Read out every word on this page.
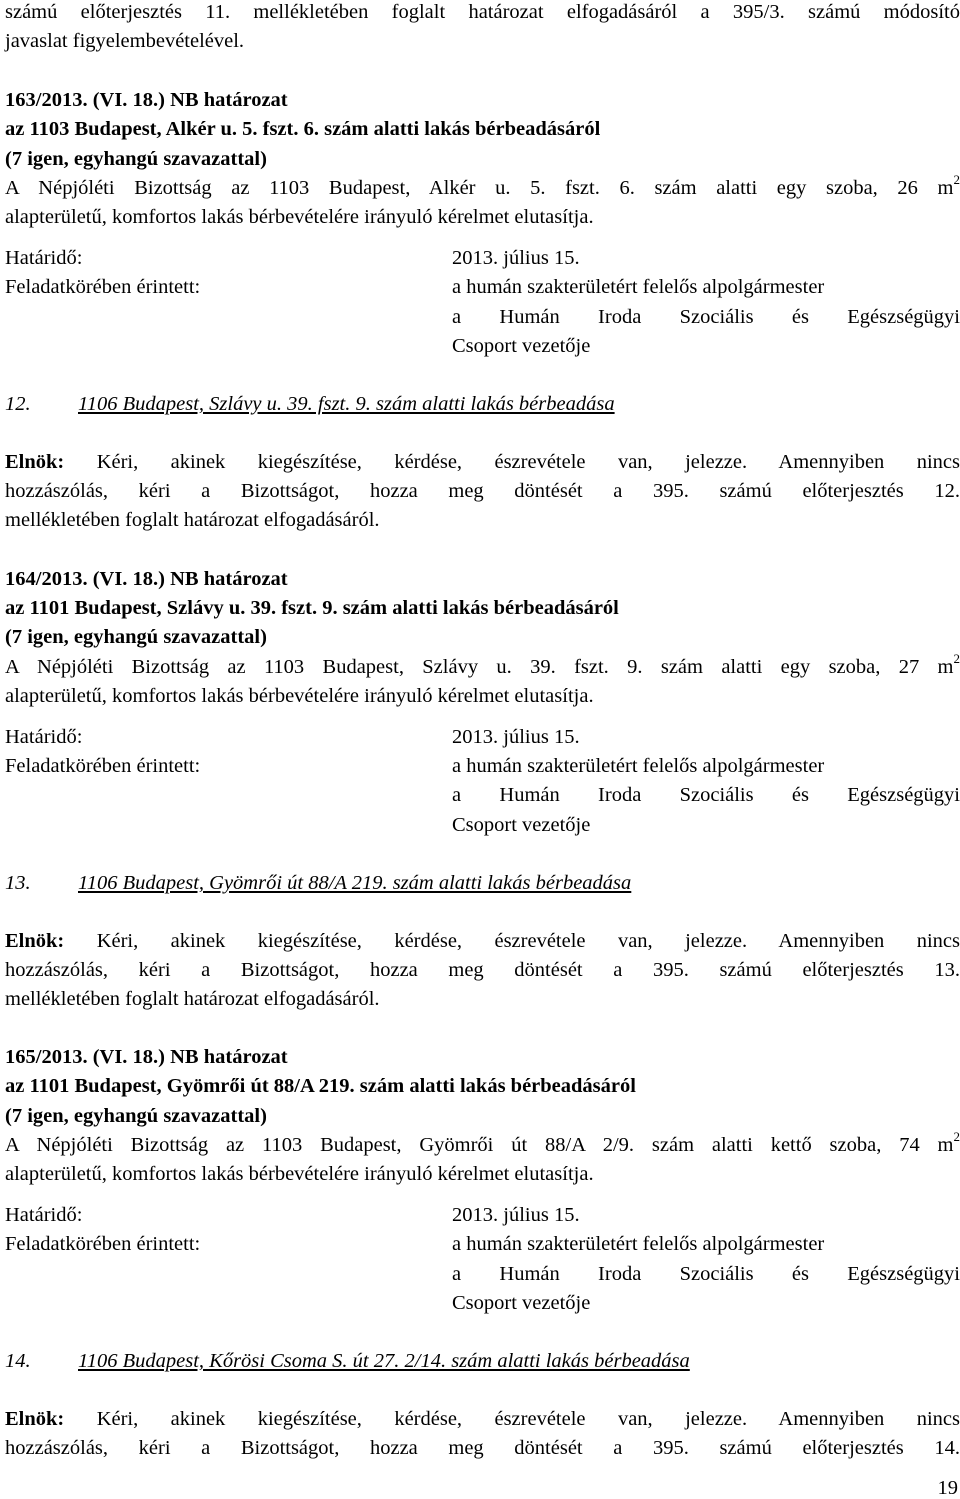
számú előterjesztés 11. mellékletében foglalt határozat elfogadásáról a 395/3. számú módosító
javaslat figyelembevételével.
163/2013. (VI. 18.) NB határozat
az 1103 Budapest, Alkér u. 5. fszt. 6. szám alatti lakás bérbeadásáról
(7 igen, egyhangú szavazattal)
A Népjóléti Bizottság az 1103 Budapest, Alkér u. 5. fszt. 6. szám alatti egy szoba, 26 $m^2$
alapterületű, komfortos lakás bérbevételére irányuló kérelmet elutasítja.
Határidő:	2013. július 15.
Feladatkörében érintett:	a humán szakterületért felelős alpolgármester
a Humán Iroda Szociális és Egészségügyi
Csoport vezetője
12. 1106 Budapest, Szlávy u. 39. fszt. 9. szám alatti lakás bérbeadása
Elnök: Kéri, akinek kiegészítése, kérdése, észrevétele van, jelezze. Amennyiben nincs
hozzászólás, kéri a Bizottságot, hozza meg döntését a 395. számú előterjesztés 12.
mellékletében foglalt határozat elfogadásáról.
164/2013. (VI. 18.) NB határozat
az 1101 Budapest, Szlávy u. 39. fszt. 9. szám alatti lakás bérbeadásáról
(7 igen, egyhangú szavazattal)
A Népjóléti Bizottság az 1103 Budapest, Szlávy u. 39. fszt. 9. szám alatti egy szoba, 27 $m^2$
alapterületű, komfortos lakás bérbevételére irányuló kérelmet elutasítja.
Határidő:	2013. július 15.
Feladatkörében érintett:	a humán szakterületért felelős alpolgármester
a Humán Iroda Szociális és Egészségügyi
Csoport vezetője
13. 1106 Budapest, Gyömrői út 88/A 219. szám alatti lakás bérbeadása
Elnök: Kéri, akinek kiegészítése, kérdése, észrevétele van, jelezze. Amennyiben nincs
hozzászólás, kéri a Bizottságot, hozza meg döntését a 395. számú előterjesztés 13.
mellékletében foglalt határozat elfogadásáról.
165/2013. (VI. 18.) NB határozat
az 1101 Budapest, Gyömrői út 88/A 219. szám alatti lakás bérbeadásáról
(7 igen, egyhangú szavazattal)
A Népjóléti Bizottság az 1103 Budapest, Gyömrői út 88/A 2/9. szám alatti kettő szoba, 74 $m^2$
alapterületű, komfortos lakás bérbevételére irányuló kérelmet elutasítja.
Határidő:	2013. július 15.
Feladatkörében érintett:	a humán szakterületért felelős alpolgármester
a Humán Iroda Szociális és Egészségügyi
Csoport vezetője
14. 1106 Budapest, Kőrösi Csoma S. út 27. 2/14. szám alatti lakás bérbeadása
Elnök: Kéri, akinek kiegészítése, kérdése, észrevétele van, jelezze. Amennyiben nincs
hozzászólás, kéri a Bizottságot, hozza meg döntését a 395. számú előterjesztés 14.
19
